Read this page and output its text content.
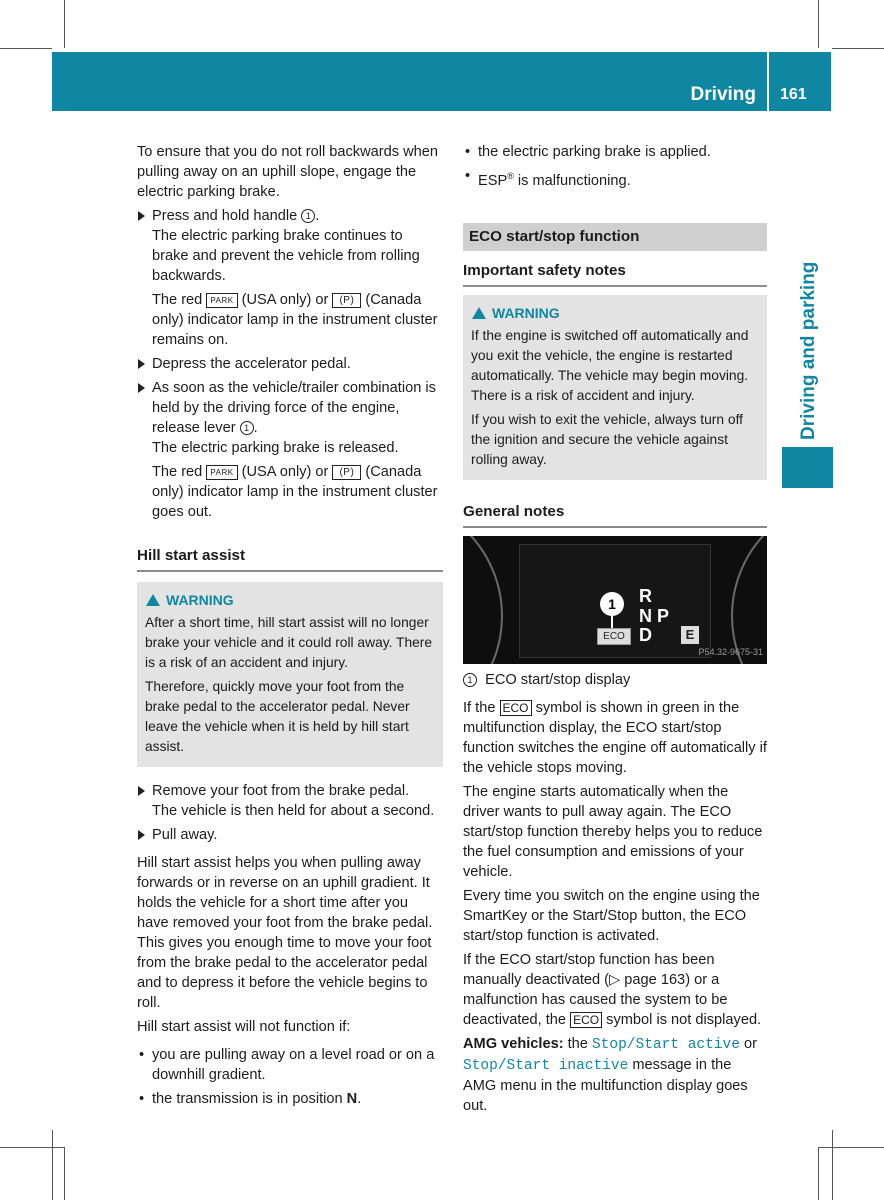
Driving 161
Driving and parking

To ensure that you do not roll backwards when pulling away on an uphill slope, engage the electric parking brake.

Press and hold handle 1 .

The electric parking brake continues to brake and prevent the vehicle from rolling backwards.

The red PARK (USA only) or (P) (Canada only) indicator lamp in the instrument cluster remains on.

Depress the accelerator pedal.

As soon as the vehicle/trailer combination is held by the driving force of the engine, release lever 1 .

The electric parking brake is released.

The red PARK (USA only) or (P) (Canada only) indicator lamp in the instrument cluster goes out.

Hill start assist

WARNING

After a short time, hill start assist will no longer brake your vehicle and it could roll away. There is a risk of an accident and injury.

Therefore, quickly move your foot from the brake pedal to the accelerator pedal. Never leave the vehicle when it is held by hill start assist.

Remove your foot from the brake pedal.

The vehicle is then held for about a second.

Pull away.

Hill start assist helps you when pulling away forwards or in reverse on an uphill gradient. It holds the vehicle for a short time after you have removed your foot from the brake pedal. This gives you enough time to move your foot from the brake pedal to the accelerator pedal and to depress it before the vehicle begins to roll.

Hill start assist will not function if:

• you are pulling away on a level road or on a downhill gradient.

• the transmission is in position N.

• the electric parking brake is applied.

• ESP® is malfunctioning.

ECO start/stop function

Important safety notes

WARNING

If the engine is switched off automatically and you exit the vehicle, the engine is restarted automatically. The vehicle may begin moving. There is a risk of accident and injury.

If you wish to exit the vehicle, always turn off the ignition and secure the vehicle against rolling away.

General notes

1	R
N P
D
ECO	E
P54.32-9675-31

1 ECO start/stop display

If the ECO symbol is shown in green in the multifunction display, the ECO start/stop function switches the engine off automatically if the vehicle stops moving.

The engine starts automatically when the driver wants to pull away again. The ECO start/stop function thereby helps you to reduce the fuel consumption and emissions of your vehicle.

Every time you switch on the engine using the SmartKey or the Start/Stop button, the ECO start/stop function is activated.

If the ECO start/stop function has been manually deactivated (▷ page 163) or a malfunction has caused the system to be deactivated, the ECO symbol is not displayed.

AMG vehicles: the Stop/Start active or Stop/Start inactive message in the AMG menu in the multifunction display goes out.
